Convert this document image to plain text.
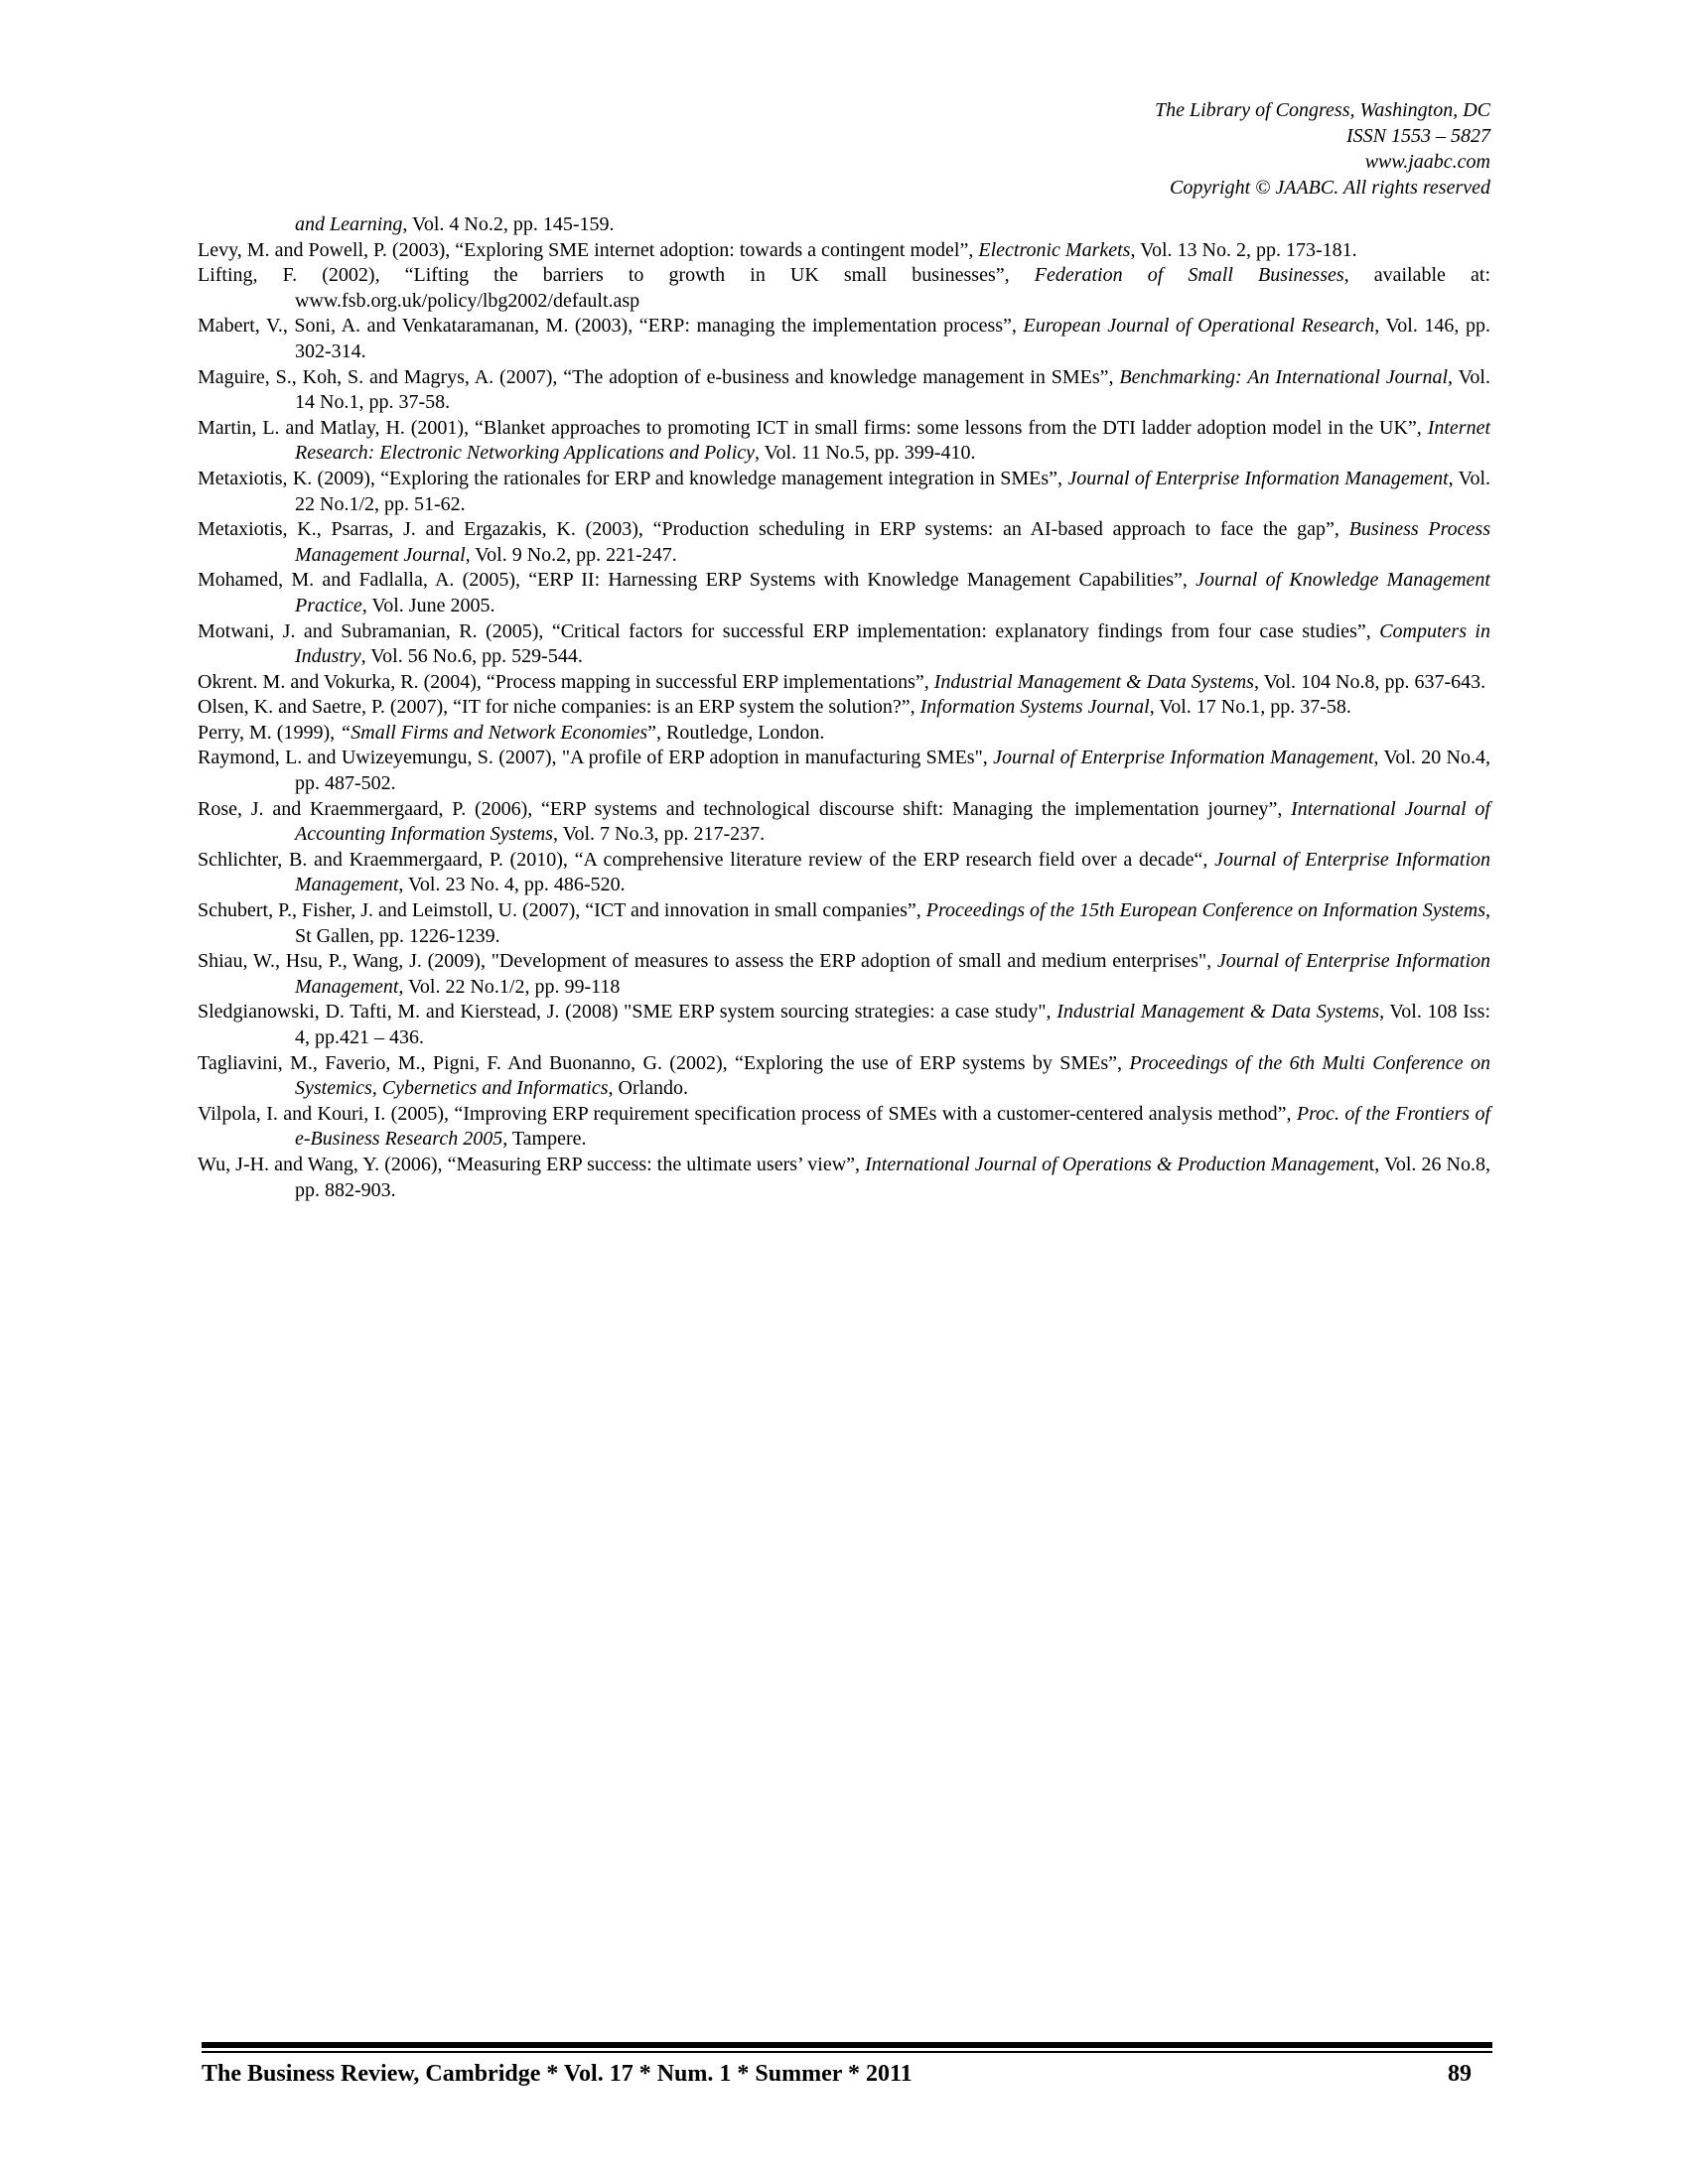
The Library of Congress, Washington, DC
ISSN 1553 – 5827
www.jaabc.com
Copyright © JAABC. All rights reserved

and Learning, Vol. 4 No.2, pp. 145-159.

Levy, M. and Powell, P. (2003), “Exploring SME internet adoption: towards a contingent model”, Electronic Markets, Vol. 13 No. 2, pp. 173-181.

Lifting, F. (2002), “Lifting the barriers to growth in UK small businesses”, Federation of Small Businesses, available at: www.fsb.org.uk/policy/lbg2002/default.asp

Mabert, V., Soni, A. and Venkataramanan, M. (2003), “ERP: managing the implementation process”, European Journal of Operational Research, Vol. 146, pp. 302-314.

Maguire, S., Koh, S. and Magrys, A. (2007), “The adoption of e-business and knowledge management in SMEs”, Benchmarking: An International Journal, Vol. 14 No.1, pp. 37-58.

Martin, L. and Matlay, H. (2001), “Blanket approaches to promoting ICT in small firms: some lessons from the DTI ladder adoption model in the UK”, Internet Research: Electronic Networking Applications and Policy, Vol. 11 No.5, pp. 399-410.

Metaxiotis, K. (2009), “Exploring the rationales for ERP and knowledge management integration in SMEs”, Journal of Enterprise Information Management, Vol. 22 No.1/2, pp. 51-62.

Metaxiotis, K., Psarras, J. and Ergazakis, K. (2003), “Production scheduling in ERP systems: an AI-based approach to face the gap”, Business Process Management Journal, Vol. 9 No.2, pp. 221-247.

Mohamed, M. and Fadlalla, A. (2005), “ERP II: Harnessing ERP Systems with Knowledge Management Capabilities”, Journal of Knowledge Management Practice, Vol. June 2005.

Motwani, J. and Subramanian, R. (2005), “Critical factors for successful ERP implementation: explanatory findings from four case studies”, Computers in Industry, Vol. 56 No.6, pp. 529-544.

Okrent. M. and Vokurka, R. (2004), “Process mapping in successful ERP implementations”, Industrial Management & Data Systems, Vol. 104 No.8, pp. 637-643.

Olsen, K. and Saetre, P. (2007), “IT for niche companies: is an ERP system the solution?”, Information Systems Journal, Vol. 17 No.1, pp. 37-58.

Perry, M. (1999), “Small Firms and Network Economies”, Routledge, London.

Raymond, L. and Uwizeyemungu, S. (2007), "A profile of ERP adoption in manufacturing SMEs", Journal of Enterprise Information Management, Vol. 20 No.4, pp. 487-502.

Rose, J. and Kraemmergaard, P. (2006), “ERP systems and technological discourse shift: Managing the implementation journey”, International Journal of Accounting Information Systems, Vol. 7 No.3, pp. 217-237.

Schlichter, B. and Kraemmergaard, P. (2010), “A comprehensive literature review of the ERP research field over a decade“, Journal of Enterprise Information Management, Vol. 23 No. 4, pp. 486-520.

Schubert, P., Fisher, J. and Leimstoll, U. (2007), “ICT and innovation in small companies”, Proceedings of the 15th European Conference on Information Systems, St Gallen, pp. 1226-1239.

Shiau, W., Hsu, P., Wang, J. (2009), "Development of measures to assess the ERP adoption of small and medium enterprises", Journal of Enterprise Information Management, Vol. 22 No.1/2, pp. 99-118

Sledgianowski, D. Tafti, M. and Kierstead, J. (2008) "SME ERP system sourcing strategies: a case study", Industrial Management & Data Systems, Vol. 108 Iss: 4, pp.421 – 436.

Tagliavini, M., Faverio, M., Pigni, F. And Buonanno, G. (2002), “Exploring the use of ERP systems by SMEs”, Proceedings of the 6th Multi Conference on Systemics, Cybernetics and Informatics, Orlando.

Vilpola, I. and Kouri, I. (2005), “Improving ERP requirement specification process of SMEs with a customer-centered analysis method”, Proc. of the Frontiers of e-Business Research 2005, Tampere.

Wu, J-H. and Wang, Y. (2006), “Measuring ERP success: the ultimate users’ view”, International Journal of Operations & Production Management, Vol. 26 No.8, pp. 882-903.

The Business Review, Cambridge * Vol. 17 * Num. 1 * Summer * 2011	89
